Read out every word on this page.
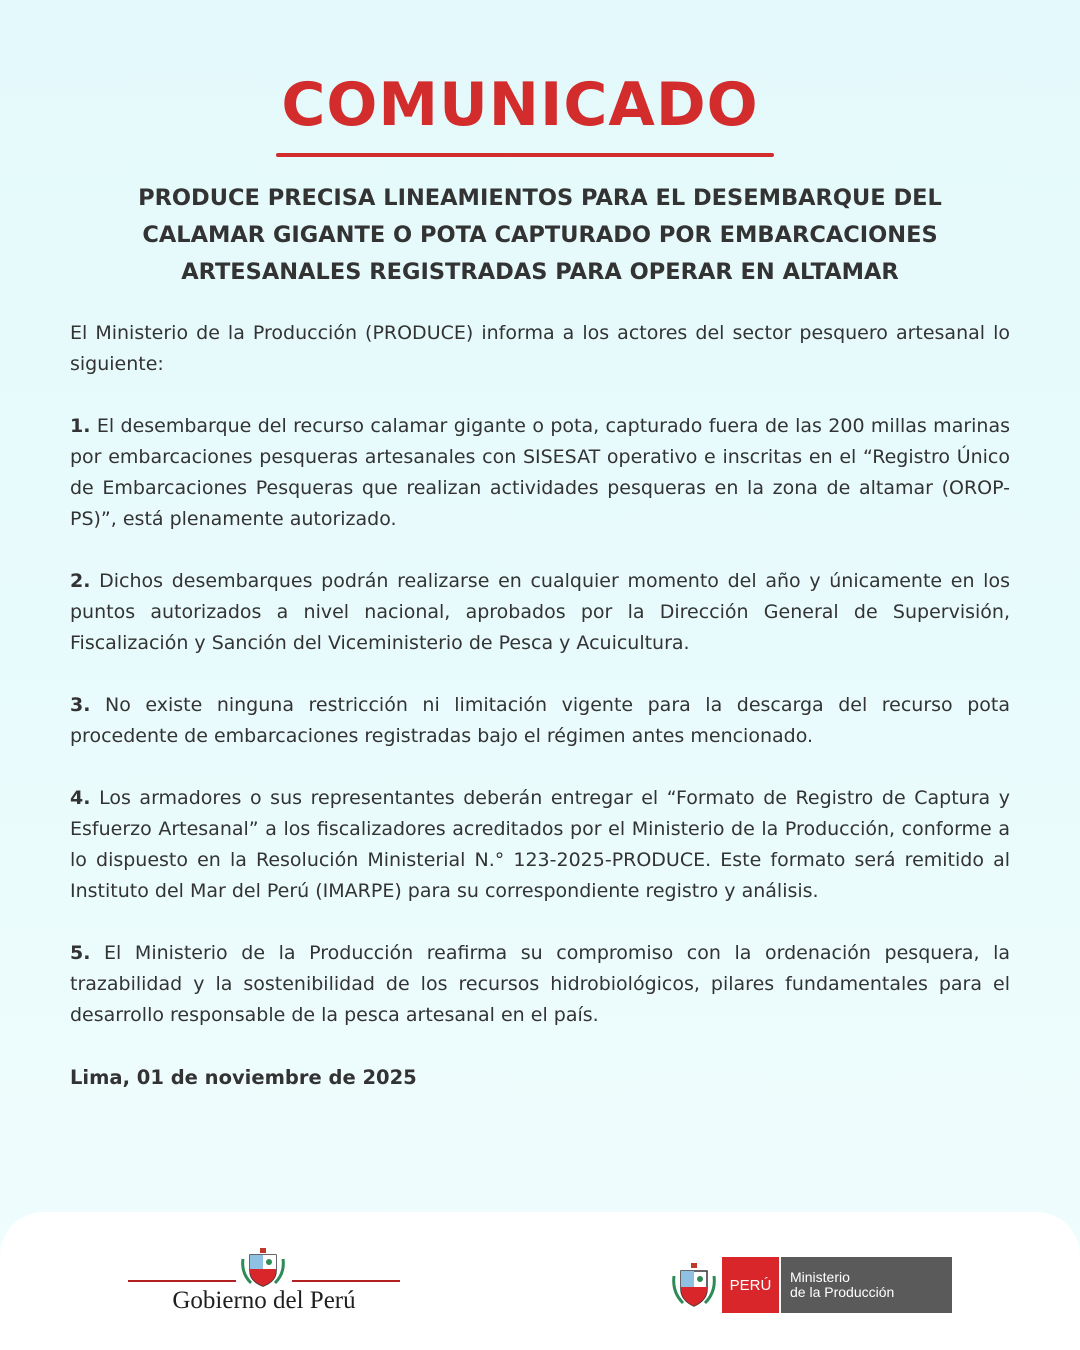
COMUNICADO
PRODUCE PRECISA LINEAMIENTOS PARA EL DESEMBARQUE DEL
CALAMAR GIGANTE O POTA CAPTURADO POR EMBARCACIONES
ARTESANALES REGISTRADAS PARA OPERAR EN ALTAMAR

El Ministerio de la Producción (PRODUCE) informa a los actores del sector pesquero artesanal lo siguiente:

1. El desembarque del recurso calamar gigante o pota, capturado fuera de las 200 millas marinas por embarcaciones pesqueras artesanales con SISESAT operativo e inscritas en el “Registro Único de Embarcaciones Pesqueras que realizan actividades pesqueras en la zona de altamar (OROP-PS)”, está plenamente autorizado.

2. Dichos desembarques podrán realizarse en cualquier momento del año y únicamente en los puntos autorizados a nivel nacional, aprobados por la Dirección General de Supervisión, Fiscalización y Sanción del Viceministerio de Pesca y Acuicultura.

3. No existe ninguna restricción ni limitación vigente para la descarga del recurso pota procedente de embarcaciones registradas bajo el régimen antes mencionado.

4. Los armadores o sus representantes deberán entregar el “Formato de Registro de Captura y Esfuerzo Artesanal” a los fiscalizadores acreditados por el Ministerio de la Producción, conforme a lo dispuesto en la Resolución Ministerial N.° 123-2025-PRODUCE. Este formato será remitido al Instituto del Mar del Perú (IMARPE) para su correspondiente registro y análisis.

5. El Ministerio de la Producción reafirma su compromiso con la ordenación pesquera, la trazabilidad y la sostenibilidad de los recursos hidrobiológicos, pilares fundamentales para el desarrollo responsable de la pesca artesanal en el país.

Lima, 01 de noviembre de 2025

Gobierno del Perú
PERÚ	Ministerio
de la Producción
